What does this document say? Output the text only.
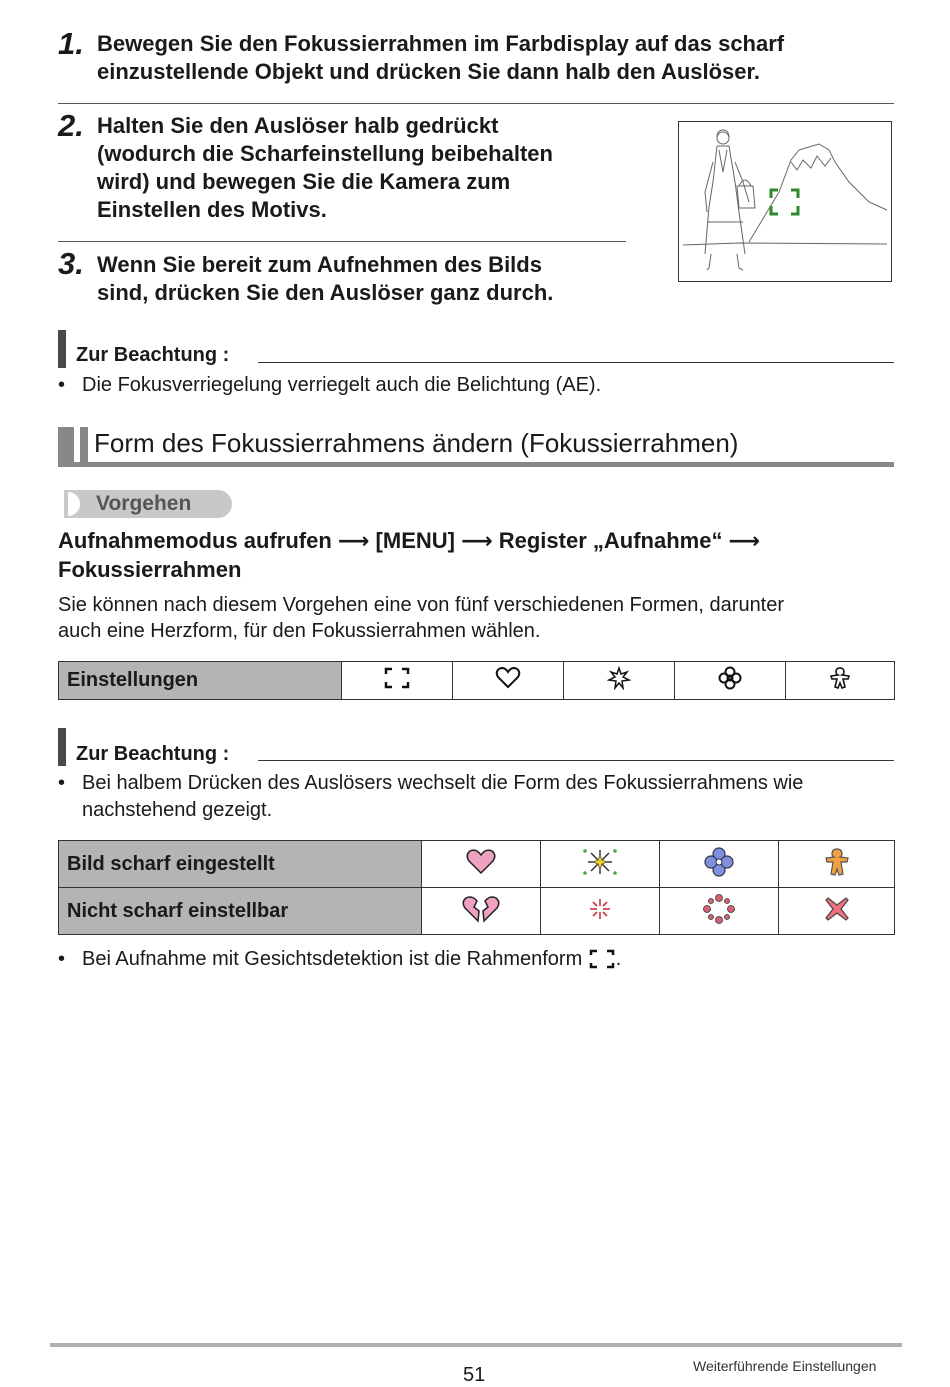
1. Bewegen Sie den Fokussierrahmen im Farbdisplay auf das scharf
einzustellende Objekt und drücken Sie dann halb den Auslöser.
2. Halten Sie den Auslöser halb gedrückt
(wodurch die Scharfeinstellung beibehalten
wird) und bewegen Sie die Kamera zum
Einstellen des Motivs.
3. Wenn Sie bereit zum Aufnehmen des Bilds
sind, drücken Sie den Auslöser ganz durch.
Zur Beachtung :
• Die Fokusverriegelung verriegelt auch die Belichtung (AE).
Form des Fokussierrahmens ändern (Fokussierrahmen)
Vorgehen
Aufnahmemodus aufrufen ⟶ [MENU] ⟶ Register „Aufnahme“ ⟶
Fokussierrahmen
Sie können nach diesem Vorgehen eine von fünf verschiedenen Formen, darunter
auch eine Herzform, für den Fokussierrahmen wählen.
Einstellungen					
Zur Beachtung :
• Bei halbem Drücken des Auslösers wechselt die Form des Fokussierrahmens wie
nachstehend gezeigt.
Bild scharf eingestellt				
Nicht scharf einstellbar				
• Bei Aufnahme mit Gesichtsdetektion ist die Rahmenform .
51	Weiterführende Einstellungen
